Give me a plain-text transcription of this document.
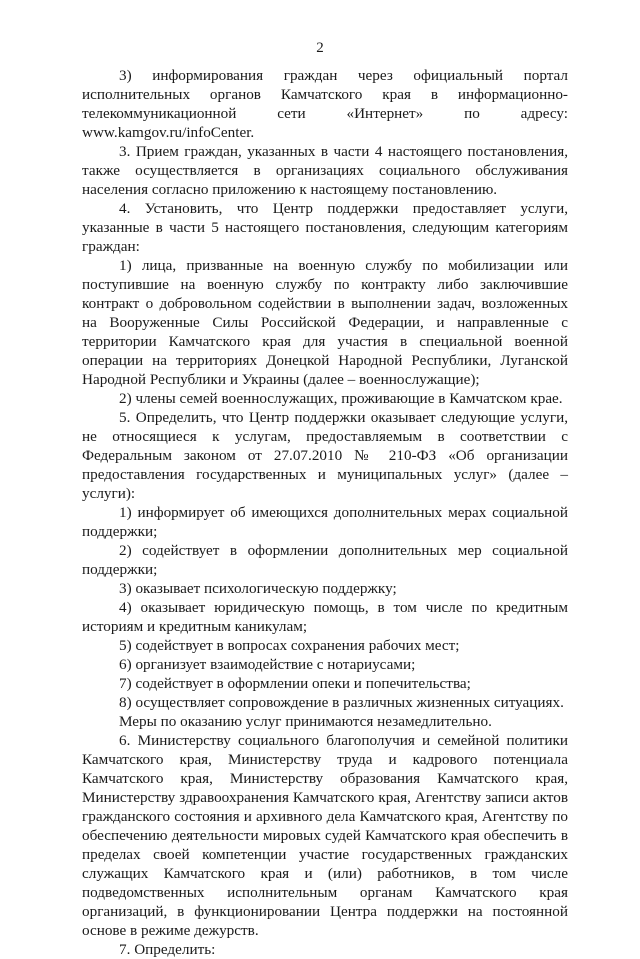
2

3) информирования граждан через официальный портал исполнительных органов Камчатского края в информационно-телекоммуникационной сети «Интернет» по адресу: www.kamgov.ru/infoCenter.

3. Прием граждан, указанных в части 4 настоящего постановления, также осуществляется в организациях социального обслуживания населения согласно приложению к настоящему постановлению.

4. Установить, что Центр поддержки предоставляет услуги, указанные в части 5 настоящего постановления, следующим категориям граждан:

1) лица, призванные на военную службу по мобилизации или поступившие на военную службу по контракту либо заключившие контракт о добровольном содействии в выполнении задач, возложенных на Вооруженные Силы Российской Федерации, и направленные с территории Камчатского края для участия в специальной военной операции на территориях Донецкой Народной Республики, Луганской Народной Республики и Украины (далее – военнослужащие);

2) члены семей военнослужащих, проживающие в Камчатском крае.

5. Определить, что Центр поддержки оказывает следующие услуги, не относящиеся к услугам, предоставляемым в соответствии с Федеральным законом от 27.07.2010 № 210-ФЗ «Об организации предоставления государственных и муниципальных услуг» (далее – услуги):

1) информирует об имеющихся дополнительных мерах социальной поддержки;

2) содействует в оформлении дополнительных мер социальной поддержки;

3) оказывает психологическую поддержку;

4) оказывает юридическую помощь, в том числе по кредитным историям и кредитным каникулам;

5) содействует в вопросах сохранения рабочих мест;

6) организует взаимодействие с нотариусами;

7) содействует в оформлении опеки и попечительства;

8) осуществляет сопровождение в различных жизненных ситуациях.

Меры по оказанию услуг принимаются незамедлительно.

6. Министерству социального благополучия и семейной политики Камчатского края, Министерству труда и кадрового потенциала Камчатского края, Министерству образования Камчатского края, Министерству здравоохранения Камчатского края, Агентству записи актов гражданского состояния и архивного дела Камчатского края, Агентству по обеспечению деятельности мировых судей Камчатского края обеспечить в пределах своей компетенции участие государственных гражданских служащих Камчатского края и (или) работников, в том числе подведомственных исполнительным органам Камчатского края организаций, в функционировании Центра поддержки на постоянной основе в режиме дежурств.

7. Определить:
